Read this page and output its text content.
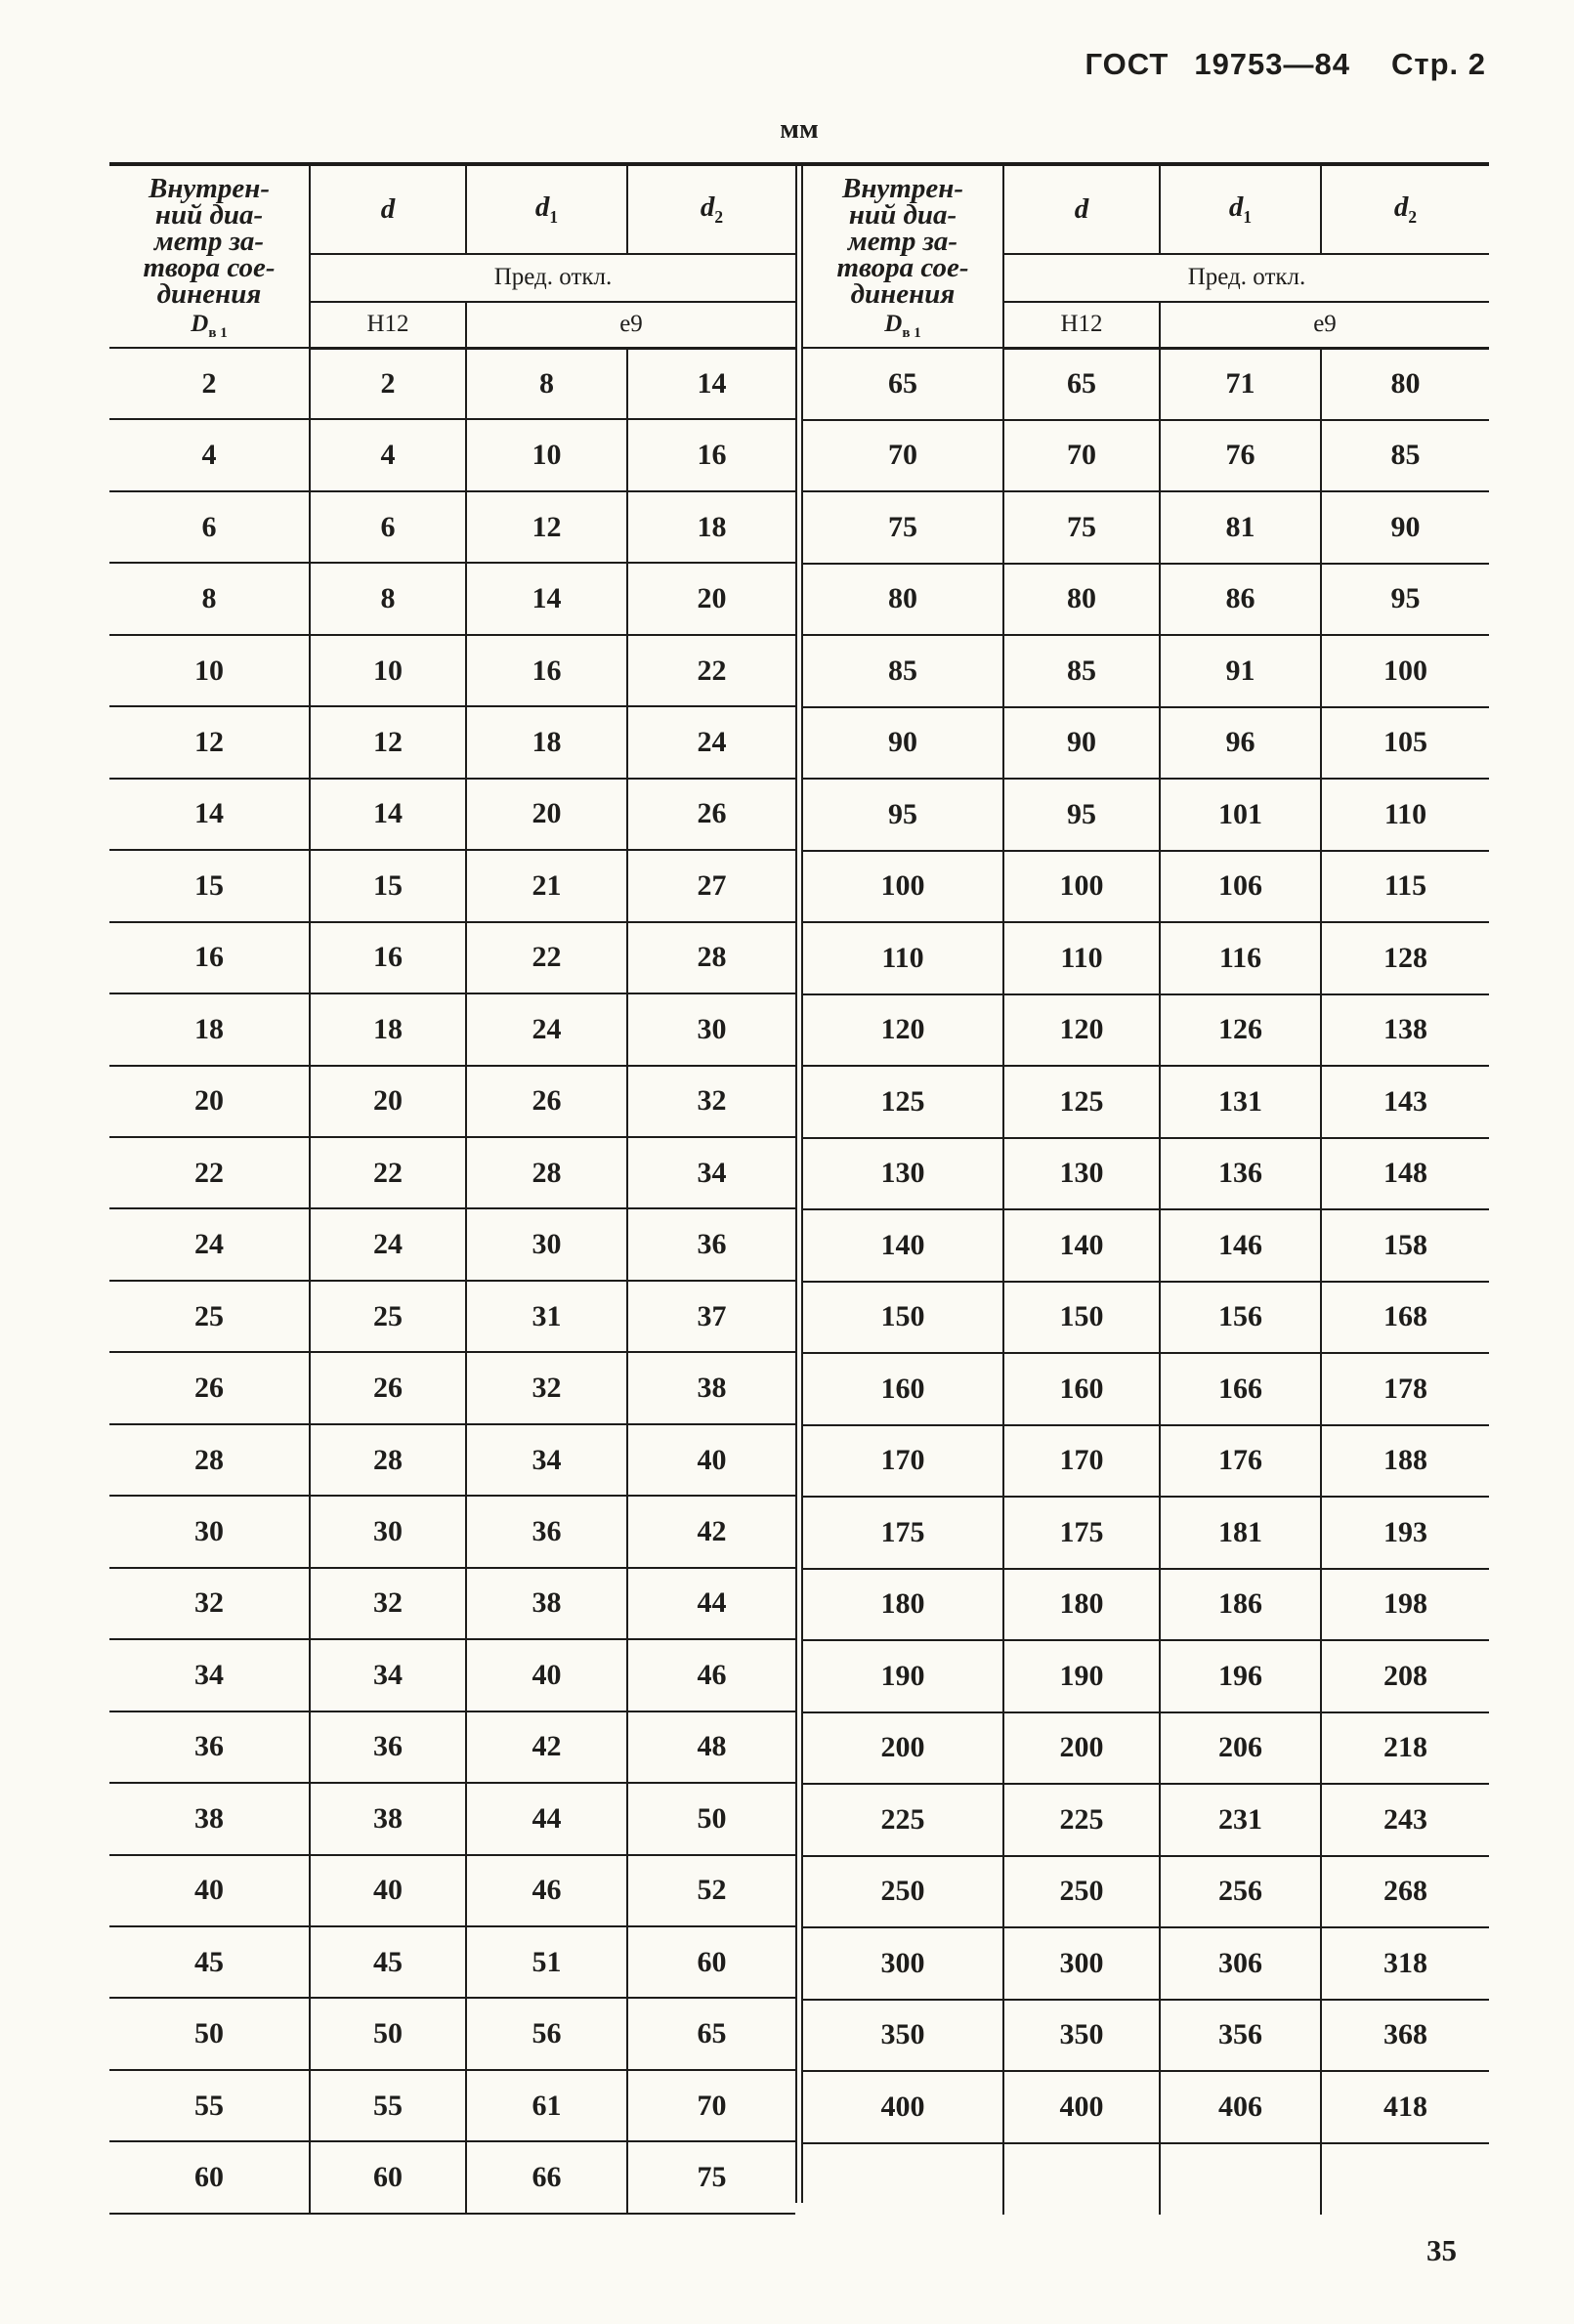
ГОСТ 19753—84 Стр. 2
мм
Внутрен-
ний диа-
метр за-
твора сое-
динения
$D_{в 1}$
	d	$d_1$	$d_2$
	Пред. откл.		
	H12	e9	
2	2	8	14
4	4	10	16
6	6	12	18
8	8	14	20
10	10	16	22
12	12	18	24
14	14	20	26
15	15	21	27
16	16	22	28
18	18	24	30
20	20	26	32
22	22	28	34
24	24	30	36
25	25	31	37
26	26	32	38
28	28	34	40
30	30	36	42
32	32	38	44
34	34	40	46
36	36	42	48
38	38	44	50
40	40	46	52
45	45	51	60
50	50	56	65
55	55	61	70
60	60	66	75
Внутрен-
ний диа-
метр за-
твора сое-
динения
$D_{в 1}$
	d	$d_1$	$d_2$
	Пред. откл.		
	H12	e9	
65	65	71	80
70	70	76	85
75	75	81	90
80	80	86	95
85	85	91	100
90	90	96	105
95	95	101	110
100	100	106	115
110	110	116	128
120	120	126	138
125	125	131	143
130	130	136	148
140	140	146	158
150	150	156	168
160	160	166	178
170	170	176	188
175	175	181	193
180	180	186	198
190	190	196	208
200	200	206	218
225	225	231	243
250	250	256	268
300	300	306	318
350	350	356	368
400	400	406	418

35
